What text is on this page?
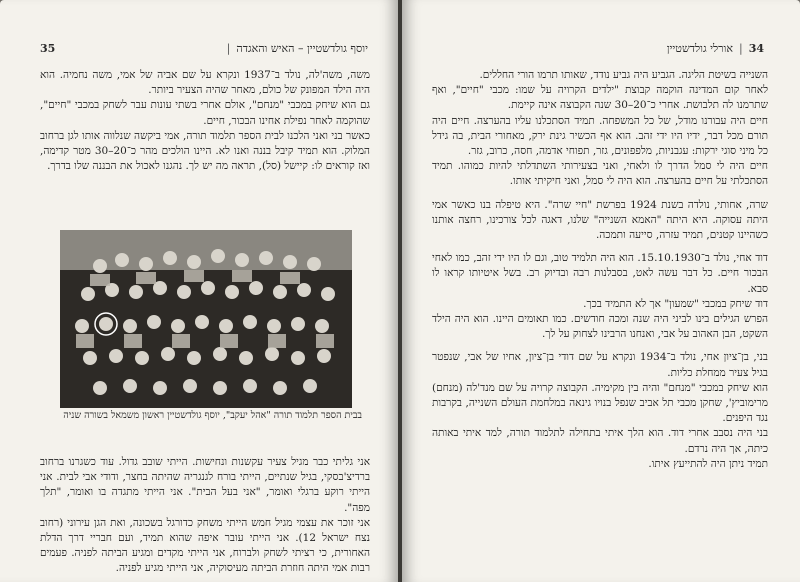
35	יוסף גולדשטיין – האיש והאגדה|

משה, משה'לה, נולד ב־1937 ונקרא על שם אביה של אמי, משה נחמיה. הוא היה הילד המפונק של כולם, מאחר שהיה הצעיר ביותר.

גם הוא שיחק במכבי "מנחם", אולם אחרי בשתי עונות עבר לשחק במכבי "חיים", שהוקמה לאחר נפילת אחינו הבכור, חיים.

כאשר בני ואני הלכנו לבית הספר תלמוד תורה, אמי ביקשה שנלווה אותו לגן ברחוב המלוק. הוא תמיד קיבל בננה ואנו לא. היינו הולכים מהר כ־20–30 מטר קדימה, ואז קוראים לו: קיישל (סל), תראה מה יש לך. נהגנו לאכול את הבננה שלו בדרך.

בבית הספר תלמוד תורה "אהל יעקב", יוסף גולדשטיין ראשון משמאל בשורה שניה

אני גליתי כבר מגיל צעיר עקשנות ונחישות. הייתי שובב גדול. עוד כשגרנו ברחוב ברדיצ'בסקי, בגיל שנתיים, הייתי בורח לגנגריה שהיתה בחצר, ודודי אבי לבית. אני הייתי רוקע ברגלי ואומר, "אני בעל הבית". אני הייתי מתגדה בו ואומר, "תלך מפה".

אני זוכר את עצמי מגיל חמש הייתי משחק כדורגל בשכונה, ואת הגן עירוני (רחוב נצח ישראל 12). אני הייתי עובר איפה שהוא תמיד, ועם חבריי דרך הדלת האחורית, כי רציתי לשחק ולברוח, אני הייתי מקדים ומגיע הביתה לפניה. פעמים רבות אמי היתה חוזרת הביתה מעיסוקיה, אני הייתי מגיע לפניה.

34
|
אורלי גולדשטיין

השנייה בשיטת הליגה. הגביע היה גביע נודד, שאותו תרמו הורי החללים.

לאחר קום המדינה הוקמה קבוצת "ילדים הקרויה על שמו: מכבי "חיים", ואף שתרמנו לה תלבושת. אחרי כ־20–30 שנה הקבוצה אינה קיימת.

חיים היה עבורנו מודל, של כל המשפחה. תמיד הסתכלנו עליו בהערצה. חיים היה תורם מכל דבר, ידיו היו ידי זהב. הוא אף הכשיר גינת ירק, מאחורי הבית, בה גידל כל מיני סוגי ירקות: עגבניות, מלפפונים, גזר, תפוחי אדמה, חסה, כרוב, גזר.

חיים היה לי סמל הדרך לו ולאחי, ואני בצעירותי השתדלתי להיות כמוהו. תמיד הסתכלתי על חיים בהערצה. הוא היה לי סמל, ואני חיקיתי אותו.

שרה, אחותי, נולדה בשנת 1924 בפרשת "חיי שרה". היא טיפלה בנו כאשר אמי היתה עסוקה. היא היתה "האמא השנייה" שלנו, דאגה לכל צורכינו, רחצה אותנו כשהיינו קטנים, תמיד עזרה, סייעה ותמכה.

דוד אחי, נולד ב־15.10.1930. הוא היה תלמיד טוב, וגם לו היו ידי זהב, כמו לאחי הבכור חיים. כל דבר עשה לאט, בסבלנות רבה ובדיוק רב. בשל איטיותו קראו לו סבא.

דוד שיחק במכבי "שמעון" אך לא התמיד בכך.

הפרש הגילים בינו לביני היה שנה ומכה חודשים. כמו תאומים היינו. הוא היה הילד השקט, הבן האהוב על אבי, ואנחנו הרבינו לצחוק על לך.

בני, בן־ציון אחי, נולד ב־1934 ונקרא על שם דודי בן־ציון, אחיו של אבי, שנפטר בגיל צעיר ממחלת כליות.

הוא שיחק במכבי "מנחם" והיה בין מקימיה. הקבוצה קרויה על שם מנד'לה (מנחם) מרימוביץ', שחקן מכבי תל אביב שנפל בנויו גינאה במלחמת העולם השנייה, בקרבות נגד היפנים.

בני היה נסבב אחרי דוד. הוא הלך איתי בתחילה לתלמוד תורה, למד איתי באותה כיתה, אך היה נרדם.

תמיד ניתן היה להתייעץ איתו.
